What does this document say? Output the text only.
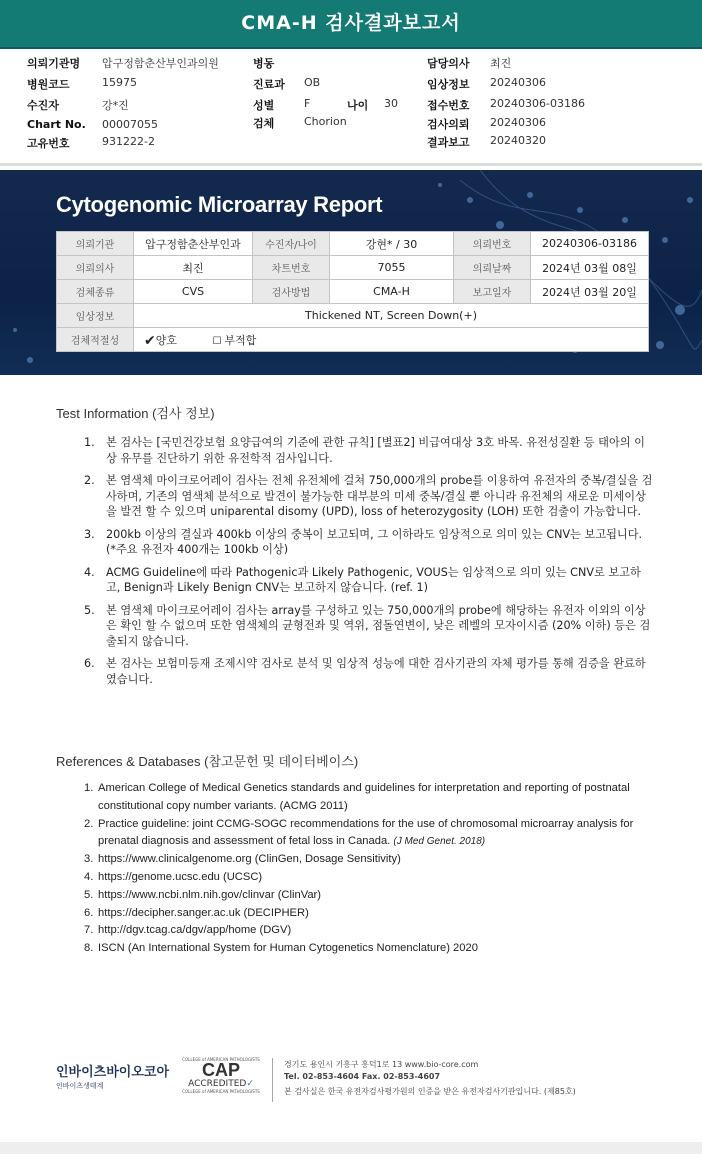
CMA-H 검사결과보고서
의뢰기관명 압구정함춘산부인과의원
병원코드	15975
수진자	강*진
Chart No. 00007055
고유번호	931222-2
병동
진료과 OB
성별	F	나이 30
검체	Chorion
담당의사 최진
임상정보 20240306
접수번호 20240306-03186
검사의뢰 20240306
결과보고 20240320
Cytogenomic Microarray Report
의뢰기관	압구정함춘산부인과	수진자/나이	강현* / 30	의뢰번호	20240306-03186
의뢰의사	최진	차트번호	7055	의뢰날짜	2024년 03월 08일
검체종류	CVS	검사방법	CMA-H	보고일자	2024년 03월 20일
임상정보	Thickened NT, Screen Down(+)				
검체적절성	✔양호 ☐ 부적합				
Test Information (검사 정보)
1. 본 검사는 [국민건강보험 요양급여의 기준에 관한 규칙] [별표2] 비급여대상 3호 바목. 유전성질환 등 태아의 이상 유무를 진단하기 위한 유전학적 검사입니다.
2. 본 염색체 마이크로어레이 검사는 전체 유전체에 걸쳐 750,000개의 probe를 이용하여 유전자의 중복/결실을 검사하며, 기존의 염색체 분석으로 발견이 불가능한 대부분의 미세 중복/결실 뿐 아니라 유전체의 새로운 미세이상을 발견 할 수 있으며 uniparental disomy (UPD), loss of heterozygosity (LOH) 또한 검출이 가능합니다.
3. 200kb 이상의 결실과 400kb 이상의 중복이 보고되며, 그 이하라도 임상적으로 의미 있는 CNV는 보고됩니다. (*주요 유전자 400개는 100kb 이상)
4. ACMG Guideline에 따라 Pathogenic과 Likely Pathogenic, VOUS는 임상적으로 의미 있는 CNV로 보고하고, Benign과 Likely Benign CNV는 보고하지 않습니다. (ref. 1)
5. 본 염색체 마이크로어레이 검사는 array를 구성하고 있는 750,000개의 probe에 해당하는 유전자 이외의 이상은 확인 할 수 없으며 또한 염색체의 균형전좌 및 역위, 점돌연변이, 낮은 레벨의 모자이시즘 (20% 이하) 등은 검출되지 않습니다.
6. 본 검사는 보험미등재 조제시약 검사로 분석 및 임상적 성능에 대한 검사기관의 자체 평가를 통해 검증을 완료하였습니다.
References & Databases (참고문헌 및 데이터베이스)
1. American College of Medical Genetics standards and guidelines for interpretation and reporting of postnatal constitutional copy number variants. (ACMG 2011)
2. Practice guideline: joint CCMG-SOGC recommendations for the use of chromosomal microarray analysis for prenatal diagnosis and assessment of fetal loss in Canada. (J Med Genet. 2018)
3. https://www.clinicalgenome.org (ClinGen, Dosage Sensitivity)
4. https://genome.ucsc.edu (UCSC)
5. https://www.ncbi.nlm.nih.gov/clinvar (ClinVar)
6. https://decipher.sanger.ac.uk (DECIPHER)
7. http://dgv.tcag.ca/dgv/app/home (DGV)
8. ISCN (An International System for Human Cytogenetics Nomenclature) 2020
인바이츠바이오코아
인바이츠생태계
COLLEGE of AMERICAN PATHOLOGISTS
CAP
ACCREDITED✓
COLLEGE of AMERICAN PATHOLOGISTS
경기도 용인시 기흥구 흥덕1로 13 www.bio-core.com
Tel. 02-853-4604 Fax. 02-853-4607
본 검사실은 한국 유전자검사평가원의 인증을 받은 유전자검사기관입니다. (제85호)
